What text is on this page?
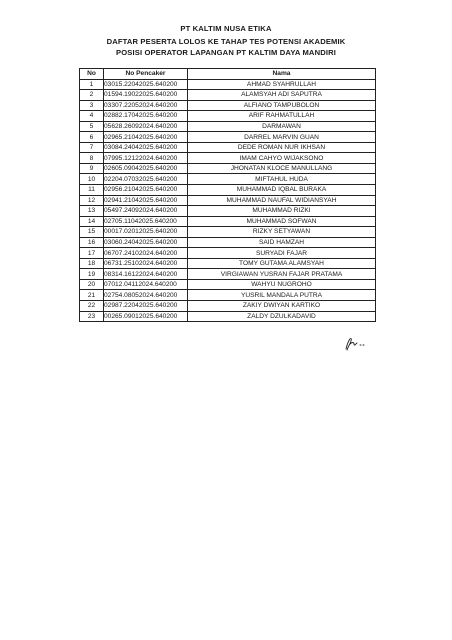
PT KALTIM NUSA ETIKA
DAFTAR PESERTA LOLOS KE TAHAP TES POTENSI AKADEMIK
POSISI OPERATOR LAPANGAN PT KALTIM DAYA MANDIRI
No	No Pencaker	Nama
1	03015.22042025.640200	AHMAD SYAHRULLAH
2	01594.19022025.640200	ALAMSYAH ADI SAPUTRA
3	03307.22052024.640200	ALFIANO TAMPUBOLON
4	02882.17042025.640200	ARIF RAHMATULLAH
5	05628.26092024.640200	DARMAWAN
6	02965.21042025.640200	DARREL MARVIN GUAN
7	03084.24042025.640200	DEDE ROMAN NUR IKHSAN
8	07995.12122024.640200	IMAM CAHYO WIJAKSONO
9	02605.09042025.640200	JHONATAN KLOCE MANULLANG
10	02204.07032025.640200	MIFTAHUL HUDA
11	02956.21042025.640200	MUHAMMAD IQBAL BURAKA
12	02941.21042025.640200	MUHAMMAD NAUFAL WIDIANSYAH
13	05497.24092024.640200	MUHAMMAD RIZKI
14	02705.11042025.640200	MUHAMMAD SOFWAN
15	00017.02012025.640200	RIZKY SETYAWAN
16	03060.24042025.640200	SAID HAMZAH
17	06707.24102024.640200	SURYADI FAJAR
18	06731.25102024.640200	TOMY GUTAMA ALAMSYAH
19	08314.16122024.640200	VIRGIAWAN YUSRAN FAJAR PRATAMA
20	07012.04112024.640200	WAHYU NUGROHO
21	02754.08052024.640200	YUSRIL MANDALA PUTRA
22	02987.22042025.640200	ZAKIY DWIYAN KARTIKO
23	00265.09012025.640200	ZALDY DZULKADAVID
